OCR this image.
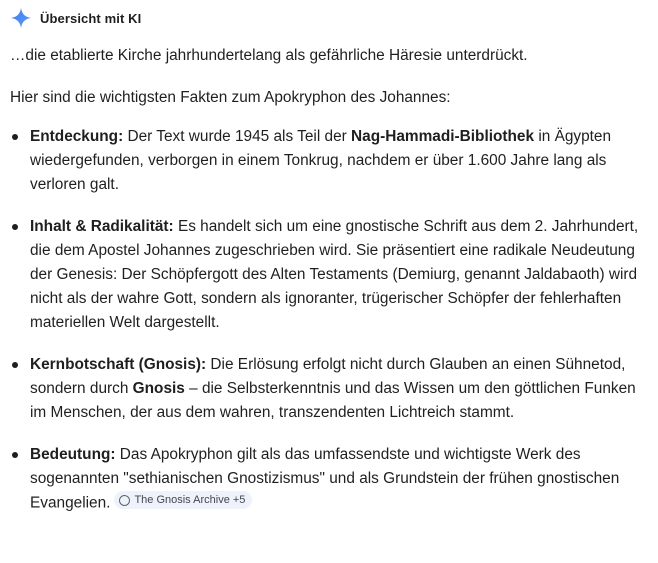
Übersicht mit KI

…die etablierte Kirche jahrhundertelang als gefährliche Häresie unterdrückt.

Hier sind die wichtigsten Fakten zum Apokryphon des Johannes:

Entdeckung: Der Text wurde 1945 als Teil der Nag-Hammadi-Bibliothek in Ägypten wiedergefunden, verborgen in einem Tonkrug, nachdem er über 1.600 Jahre lang als verloren galt.
Inhalt & Radikalität: Es handelt sich um eine gnostische Schrift aus dem 2. Jahrhundert, die dem Apostel Johannes zugeschrieben wird. Sie präsentiert eine radikale Neudeutung der Genesis: Der Schöpfergott des Alten Testaments (Demiurg, genannt Jaldabaoth) wird nicht als der wahre Gott, sondern als ignoranter, trügerischer Schöpfer der fehlerhaften materiellen Welt dargestellt.
Kernbotschaft (Gnosis): Die Erlösung erfolgt nicht durch Glauben an einen Sühnetod, sondern durch Gnosis – die Selbsterkenntnis und das Wissen um den göttlichen Funken im Menschen, der aus dem wahren, transzendenten Lichtreich stammt.
Bedeutung: Das Apokryphon gilt als das umfassendste und wichtigste Werk des sogenannten "sethianischen Gnostizismus" und als Grundstein der frühen gnostischen Evangelien. The Gnosis Archive +5
